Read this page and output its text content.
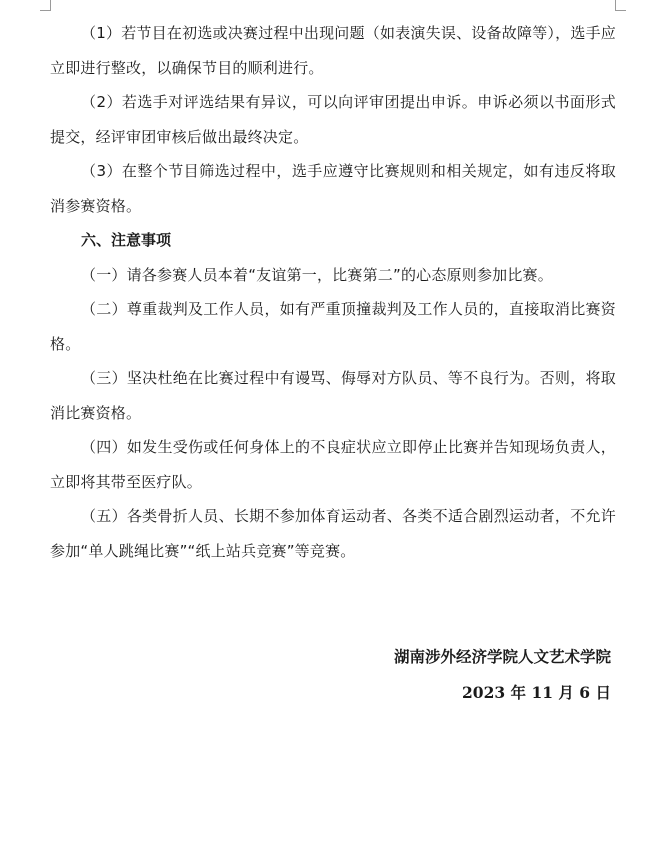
（1）若节目在初选或决赛过程中出现问题（如表演失误、设备故障等），选手应立即进行整改，以确保节目的顺利进行。

（2）若选手对评选结果有异议，可以向评审团提出申诉。申诉必须以书面形式提交，经评审团审核后做出最终决定。

（3）在整个节目筛选过程中，选手应遵守比赛规则和相关规定，如有违反将取消参赛资格。

六、注意事项

（一）请各参赛人员本着“友谊第一，比赛第二”的心态原则参加比赛。

（二）尊重裁判及工作人员，如有严重顶撞裁判及工作人员的，直接取消比赛资格。

（三）坚决杜绝在比赛过程中有谩骂、侮辱对方队员、等不良行为。否则，将取消比赛资格。

（四）如发生受伤或任何身体上的不良症状应立即停止比赛并告知现场负责人，立即将其带至医疗队。

（五）各类骨折人员、长期不参加体育运动者、各类不适合剧烈运动者，不允许参加“单人跳绳比赛”“纸上站兵竞赛”等竞赛。

湖南涉外经济学院人文艺术学院
2023 年 11 月 6 日
